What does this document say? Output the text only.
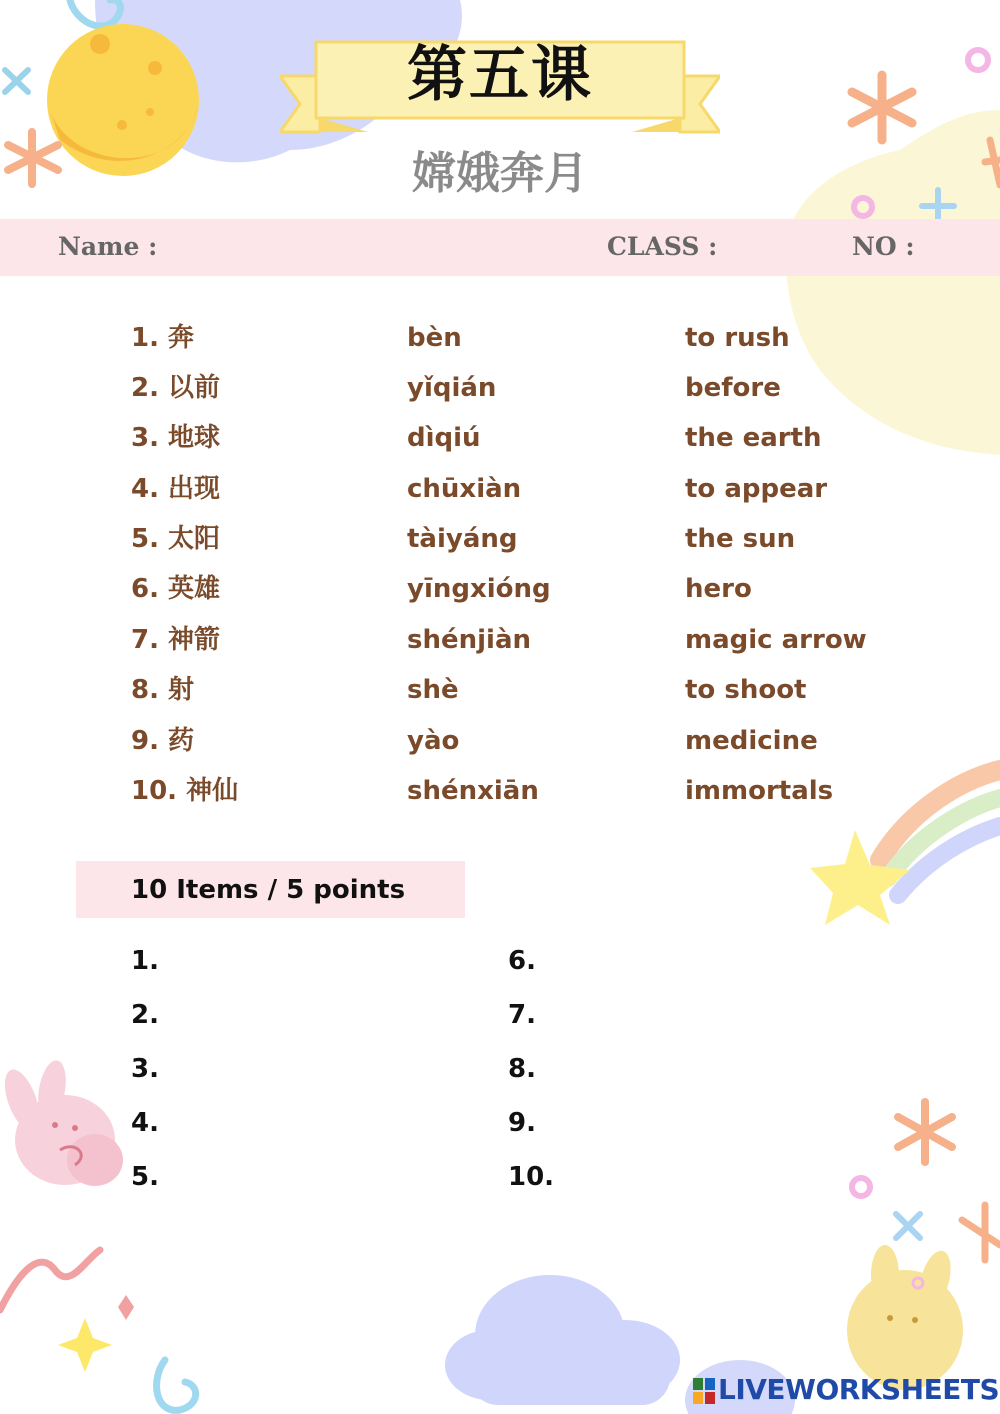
第五课
嫦娥奔月
Name :	CLASS :	NO :
1. 奔	bèn	to rush
2. 以前	yǐqián	before
3. 地球	dìqiú	the earth
4. 出现	chūxiàn	to appear
5. 太阳	tàiyáng	the sun
6. 英雄	yīngxióng	hero
7. 神箭	shénjiàn	magic arrow
8. 射	shè	to shoot
9. 药	yào	medicine
10. 神仙	shénxiān	immortals
10 Items / 5 points
1.
2.
3.
4.
5.
6.
7.
8.
9.
10.
LIVEWORKSHEETS
